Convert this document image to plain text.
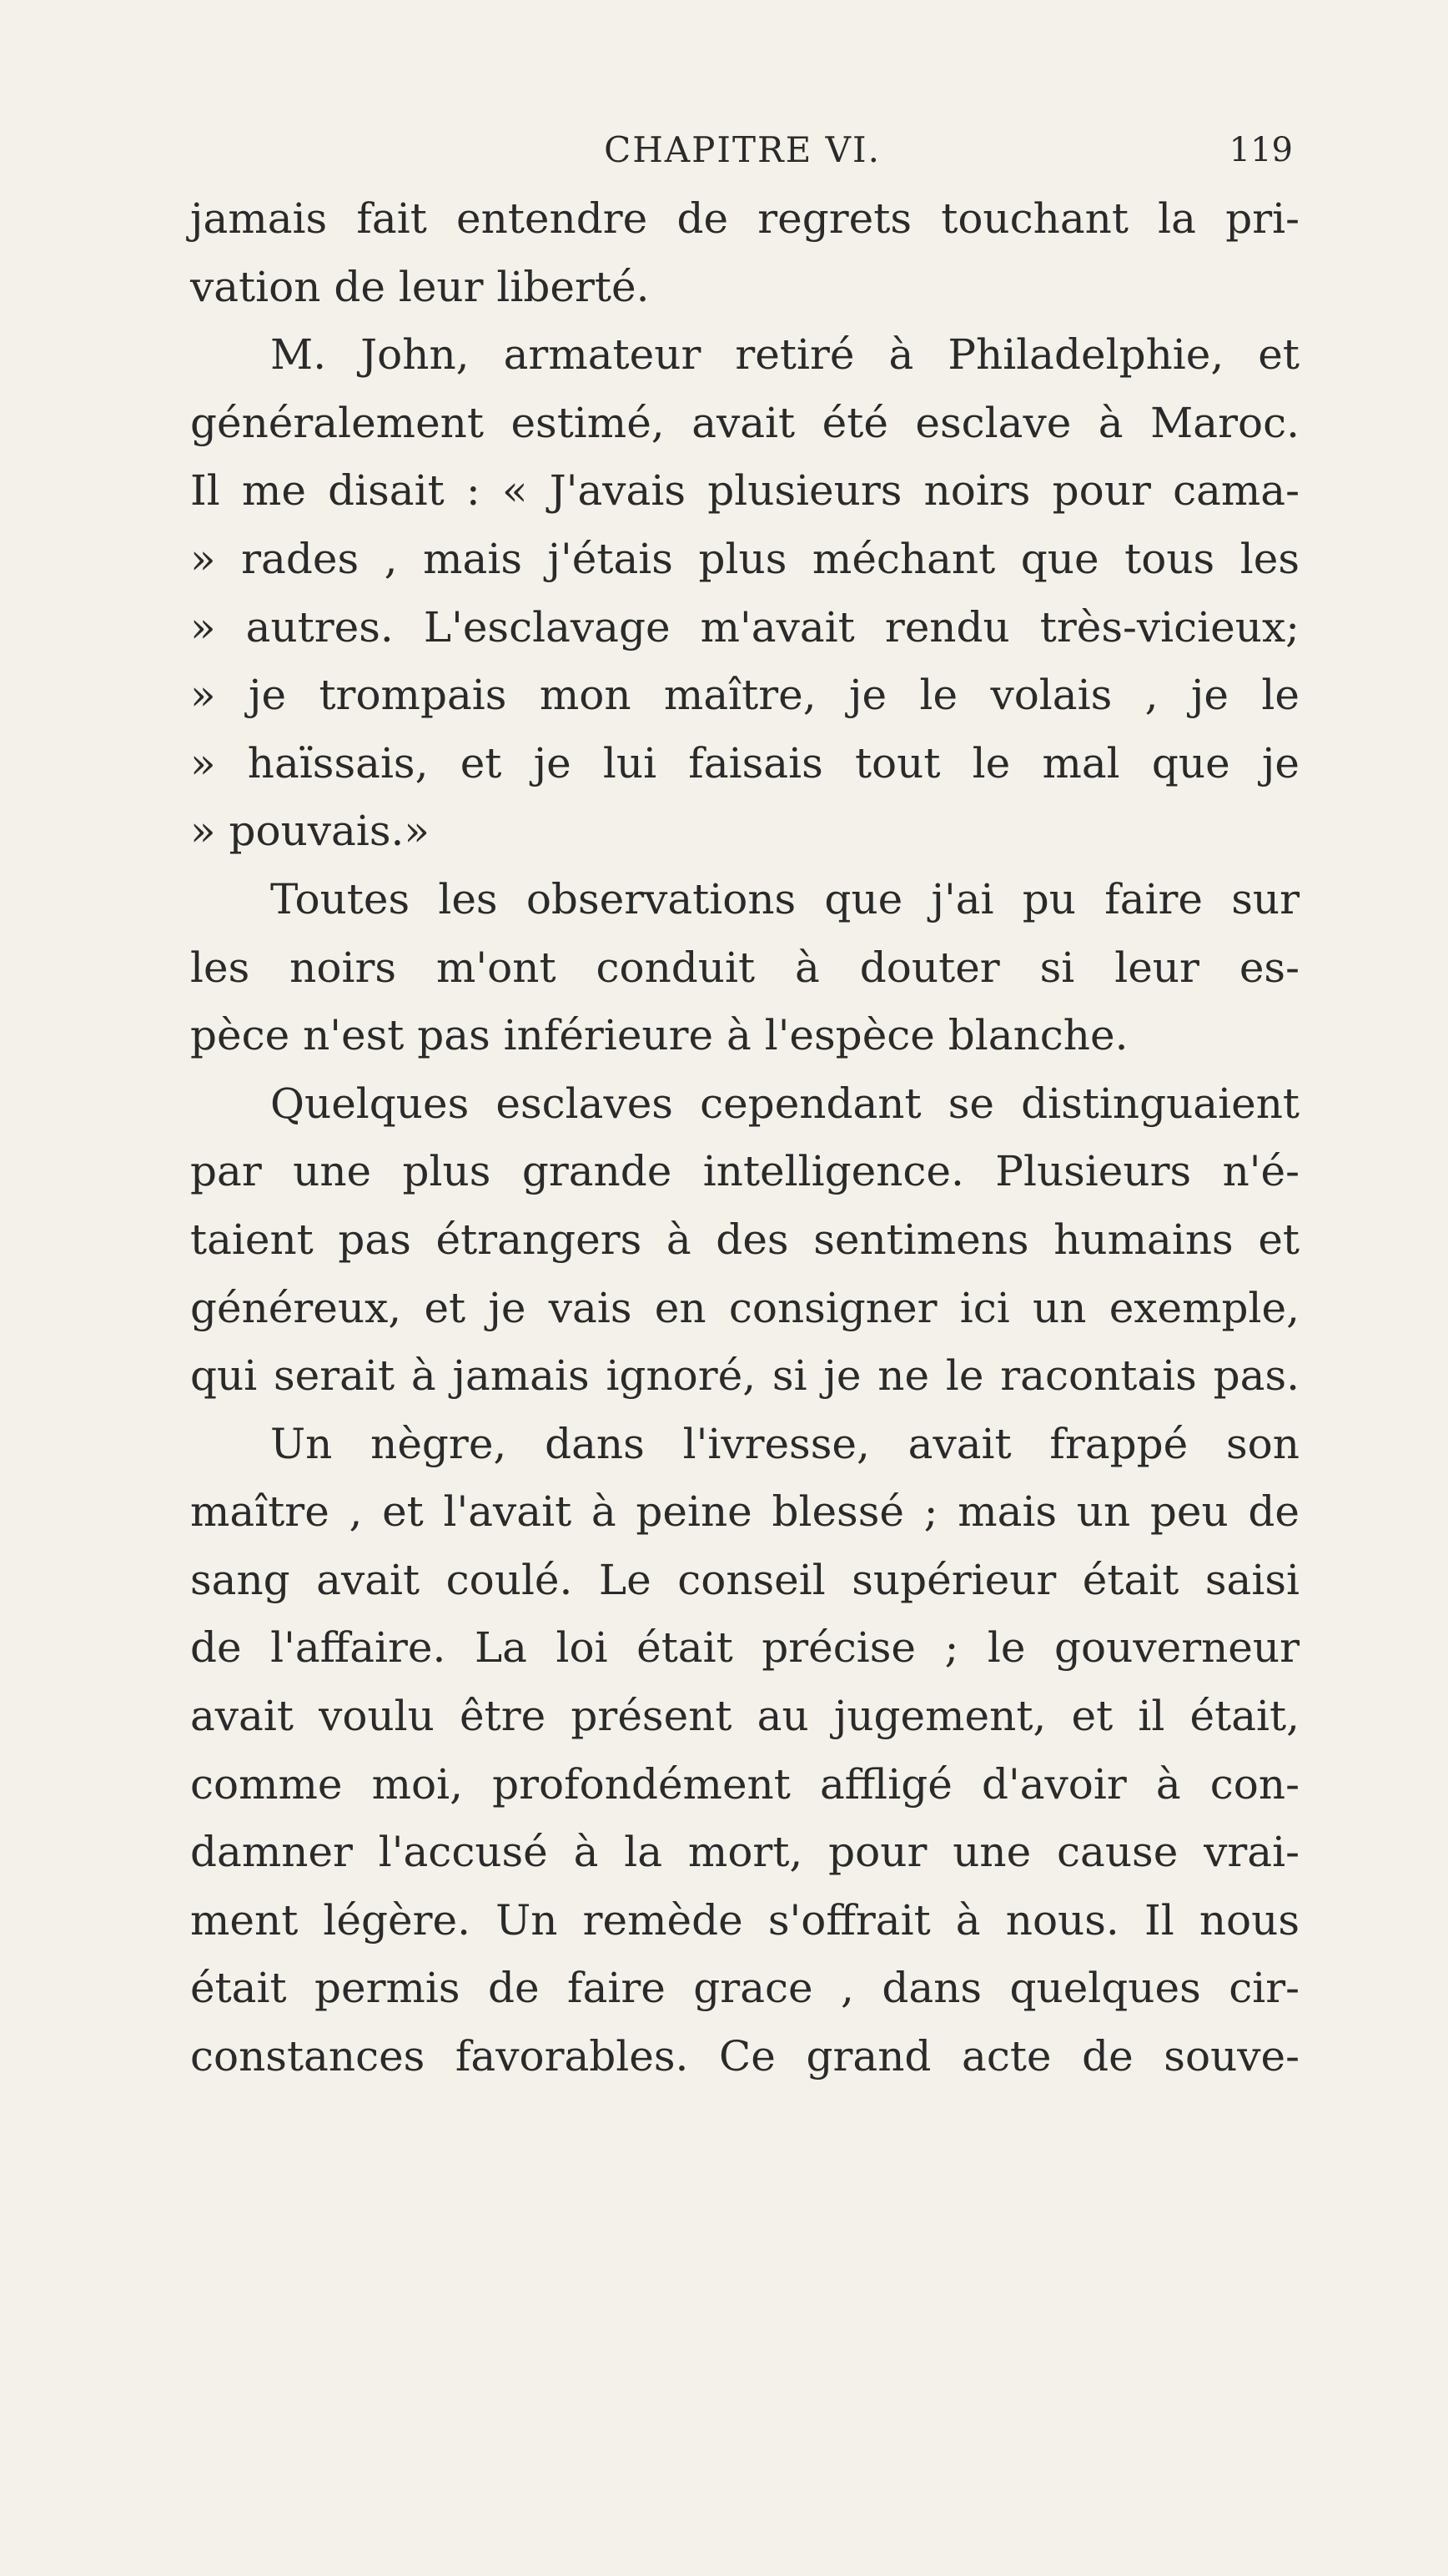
CHAPITRE VI.	119
jamais fait entendre de regrets touchant la pri-
vation de leur liberté.
M. John, armateur retiré à Philadelphie, et
généralement estimé, avait été esclave à Maroc.
Il me disait : « J'avais plusieurs noirs pour cama-
» rades , mais j'étais plus méchant que tous les
» autres. L'esclavage m'avait rendu très-vicieux;
» je trompais mon maître, je le volais , je le
» haïssais, et je lui faisais tout le mal que je
» pouvais.»
Toutes les observations que j'ai pu faire sur
les noirs m'ont conduit à douter si leur es-
pèce n'est pas inférieure à l'espèce blanche.
Quelques esclaves cependant se distinguaient
par une plus grande intelligence. Plusieurs n'é-
taient pas étrangers à des sentimens humains et
généreux, et je vais en consigner ici un exemple,
qui serait à jamais ignoré, si je ne le racontais pas.
Un nègre, dans l'ivresse, avait frappé son
maître , et l'avait à peine blessé ; mais un peu de
sang avait coulé. Le conseil supérieur était saisi
de l'affaire. La loi était précise ; le gouverneur
avait voulu être présent au jugement, et il était,
comme moi, profondément affligé d'avoir à con-
damner l'accusé à la mort, pour une cause vrai-
ment légère. Un remède s'offrait à nous. Il nous
était permis de faire grace , dans quelques cir-
constances favorables. Ce grand acte de souve-
